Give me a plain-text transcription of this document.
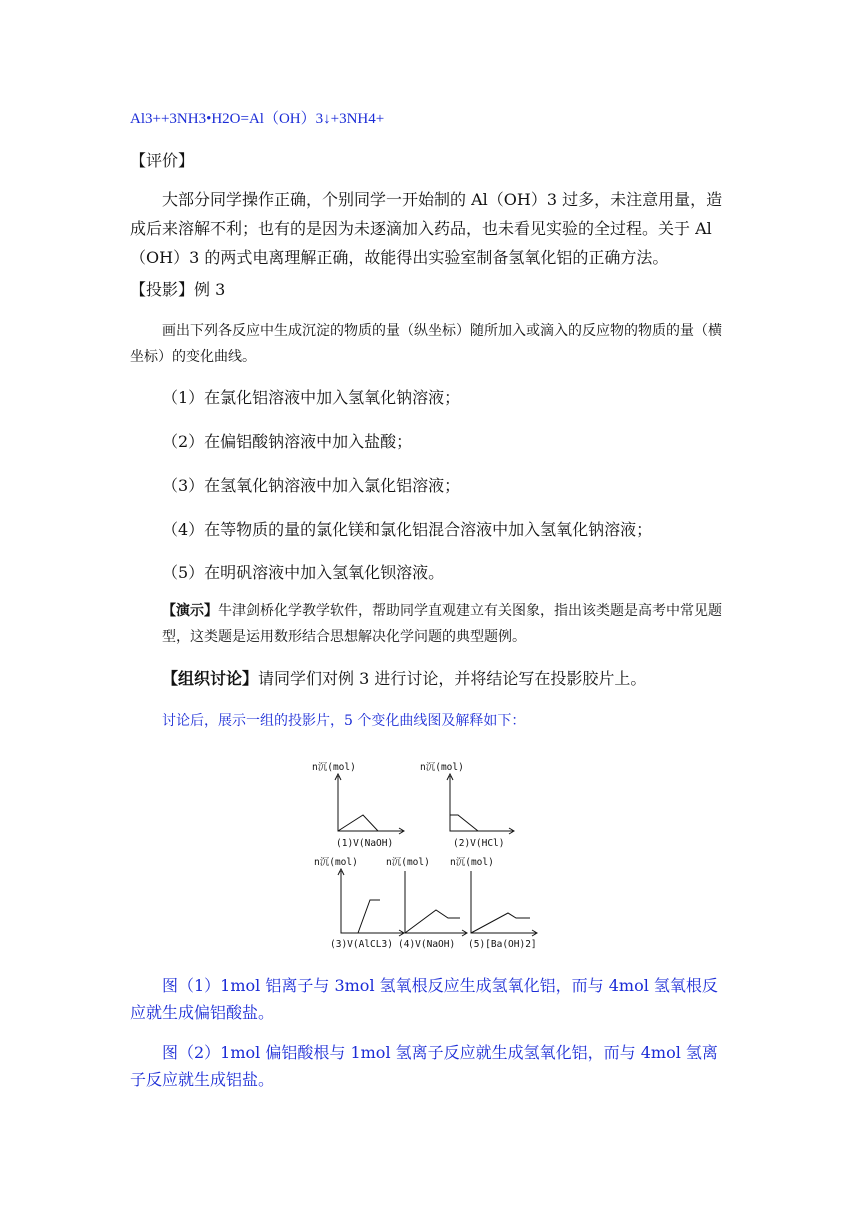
Al3++3NH3•H2O=Al（OH）3↓+3NH4+

【评价】

大部分同学操作正确，个别同学一开始制的 Al（OH）3 过多，未注意用量，造成后来溶解不利；也有的是因为未逐滴加入药品，也未看见实验的全过程。关于 Al（OH）3 的两式电离理解正确，故能得出实验室制备氢氧化铝的正确方法。

【投影】例 3

画出下列各反应中生成沉淀的物质的量（纵坐标）随所加入或滴入的反应物的物质的量（横坐标）的变化曲线。

（1）在氯化铝溶液中加入氢氧化钠溶液；

（2）在偏铝酸钠溶液中加入盐酸；

（3）在氢氧化钠溶液中加入氯化铝溶液；

（4）在等物质的量的氯化镁和氯化铝混合溶液中加入氢氧化钠溶液；

（5）在明矾溶液中加入氢氧化钡溶液。

【演示】牛津剑桥化学教学软件，帮助同学直观建立有关图象，指出该类题是高考中常见题型，这类题是运用数形结合思想解决化学问题的典型题例。

【组织讨论】请同学们对例 3 进行讨论，并将结论写在投影胶片上。

讨论后，展示一组的投影片，5 个变化曲线图及解释如下：

n沉(mol)	n沉(mol)
n沉(mol)	n沉(mol) n沉(mol)
(1)V(NaOH)	(2)V(HCl)
(3)V(AlCL3) (4)V(NaOH) (5)[Ba(OH)2]

图（1）1mol 铝离子与 3mol 氢氧根反应生成氢氧化铝，而与 4mol 氢氧根反应就生成偏铝酸盐。

图（2）1mol 偏铝酸根与 1mol 氢离子反应就生成氢氧化铝，而与 4mol 氢离子反应就生成铝盐。
